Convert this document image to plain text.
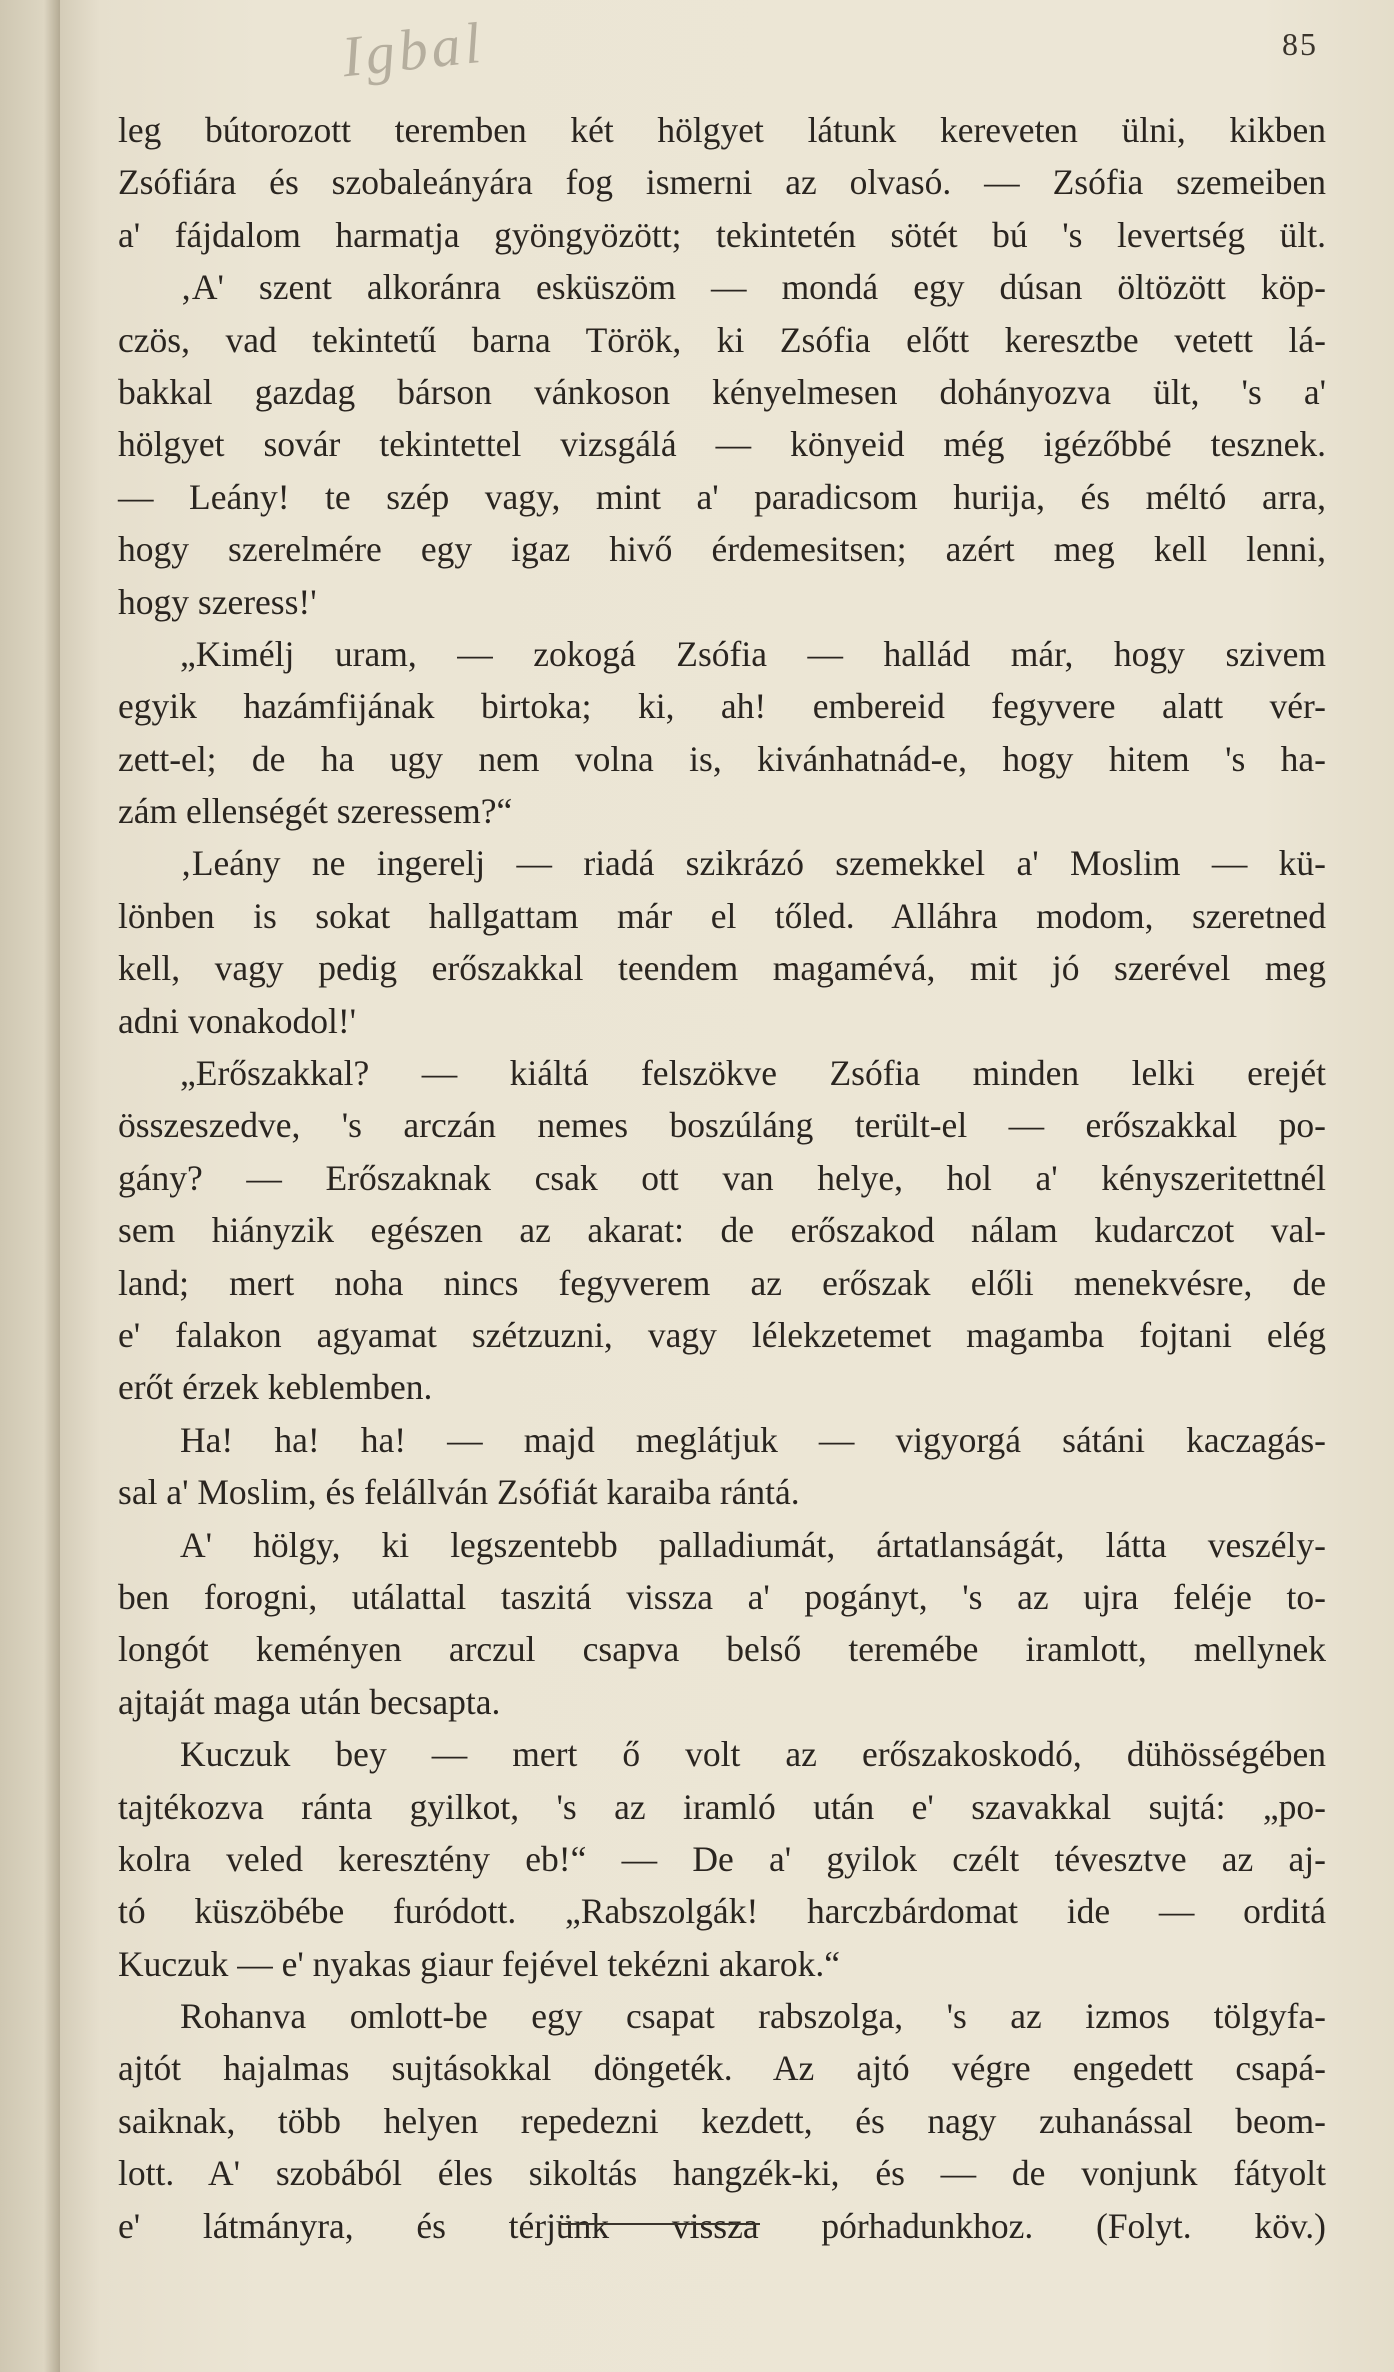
Igbal	85
leg bútorozott teremben két hölgyet látunk kereveten ülni, kikben
Zsófiára és szobaleányára fog ismerni az olvasó. — Zsófia szemeiben
a' fájdalom harmatja gyöngyözött; tekintetén sötét bú 's levertség ült.
‚A' szent alkoránra esküszöm — mondá egy dúsan öltözött köp-
czös, vad tekintetű barna Török, ki Zsófia előtt keresztbe vetett lá-
bakkal gazdag bárson vánkoson kényelmesen dohányozva ült, 's a'
hölgyet sovár tekintettel vizsgálá — könyeid még igézőbbé tesznek.
— Leány! te szép vagy, mint a' paradicsom hurija, és méltó arra,
hogy szerelmére egy igaz hivő érdemesitsen; azért meg kell lenni,
hogy szeress!'
„Kimélj uram, — zokogá Zsófia — hallád már, hogy szivem
egyik hazámfijának birtoka; ki, ah! embereid fegyvere alatt vér-
zett-el; de ha ugy nem volna is, kivánhatnád-e, hogy hitem 's ha-
zám ellenségét szeressem?“
‚Leány ne ingerelj — riadá szikrázó szemekkel a' Moslim — kü-
lönben is sokat hallgattam már el tőled. Alláhra modom, szeretned
kell, vagy pedig erőszakkal teendem magamévá, mit jó szerével meg
adni vonakodol!'
„Erőszakkal? — kiáltá felszökve Zsófia minden lelki erejét
összeszedve, 's arczán nemes boszúláng terült-el — erőszakkal po-
gány? — Erőszaknak csak ott van helye, hol a' kényszeritettnél
sem hiányzik egészen az akarat: de erőszakod nálam kudarczot val-
land; mert noha nincs fegyverem az erőszak előli menekvésre, de
e' falakon agyamat szétzuzni, vagy lélekzetemet magamba fojtani elég
erőt érzek keblemben.
Ha! ha! ha! — majd meglátjuk — vigyorgá sátáni kaczagás-
sal a' Moslim, és felállván Zsófiát karaiba rántá.
A' hölgy, ki legszentebb palladiumát, ártatlanságát, látta veszély-
ben forogni, utálattal taszitá vissza a' pogányt, 's az ujra feléje to-
longót keményen arczul csapva belső teremébe iramlott, mellynek
ajtaját maga után becsapta.
Kuczuk bey — mert ő volt az erőszakoskodó, dühösségében
tajtékozva ránta gyilkot, 's az iramló után e' szavakkal sujtá: „po-
kolra veled keresztény eb!“ — De a' gyilok czélt tévesztve az aj-
tó küszöbébe furódott. „Rabszolgák! harczbárdomat ide — orditá
Kuczuk — e' nyakas giaur fejével tekézni akarok.“
Rohanva omlott-be egy csapat rabszolga, 's az izmos tölgyfa-
ajtót hajalmas sujtásokkal döngeték. Az ajtó végre engedett csapá-
saiknak, több helyen repedezni kezdett, és nagy zuhanással beom-
lott. A' szobából éles sikoltás hangzék-ki, és — de vonjunk fátyolt
e' látmányra, és térjünk vissza pórhadunkhoz. (Folyt. köv.)
